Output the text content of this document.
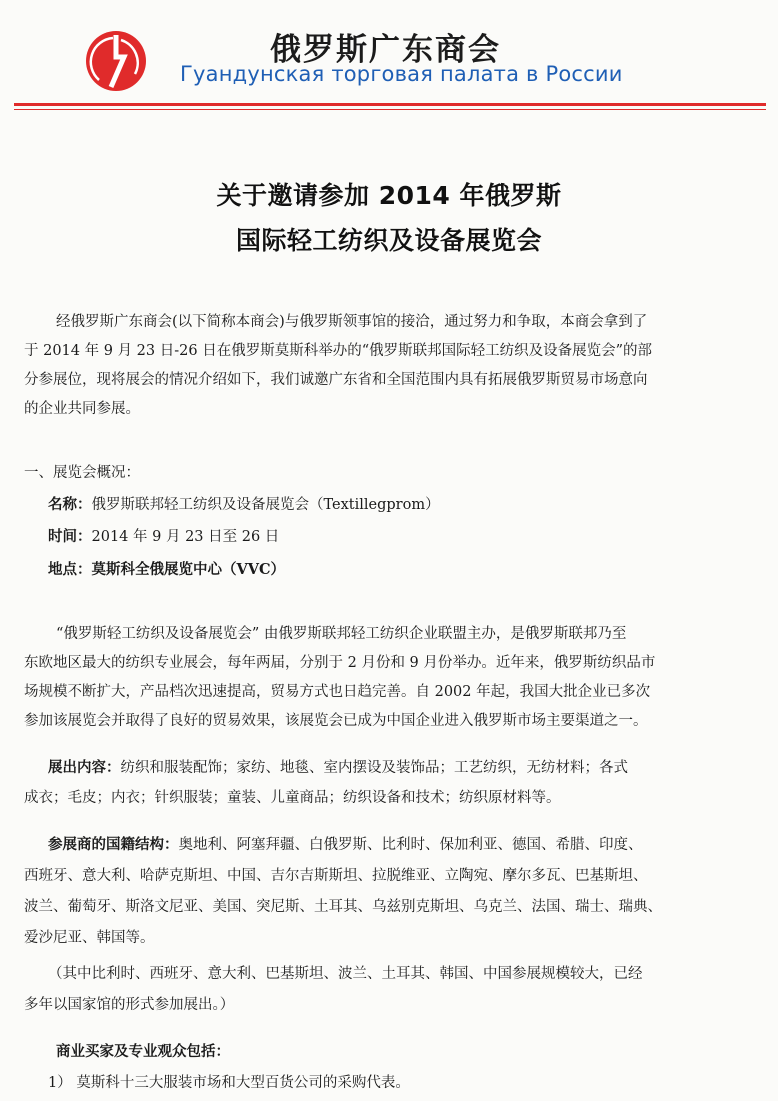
俄罗斯广东商会
Гуандунская торговая палата в России
关于邀请参加 2014 年俄罗斯
国际轻工纺织及设备展览会
经俄罗斯广东商会(以下简称本商会)与俄罗斯领事馆的接洽，通过努力和争取，本商会拿到了
于 2014 年 9 月 23 日-26 日在俄罗斯莫斯科举办的“俄罗斯联邦国际轻工纺织及设备展览会”的部
分参展位，现将展会的情况介绍如下，我们诚邀广东省和全国范围内具有拓展俄罗斯贸易市场意向
的企业共同参展。
一、展览会概况：
名称：俄罗斯联邦轻工纺织及设备展览会（Textillegprom）
时间：2014 年 9 月 23 日至 26 日
地点：莫斯科全俄展览中心（VVC）
“俄罗斯轻工纺织及设备展览会” 由俄罗斯联邦轻工纺织企业联盟主办，是俄罗斯联邦乃至
东欧地区最大的纺织专业展会，每年两届，分别于 2 月份和 9 月份举办。近年来，俄罗斯纺织品市
场规模不断扩大，产品档次迅速提高，贸易方式也日趋完善。自 2002 年起，我国大批企业已多次
参加该展览会并取得了良好的贸易效果，该展览会已成为中国企业进入俄罗斯市场主要渠道之一。
展出内容：纺织和服装配饰；家纺、地毯、室内摆设及装饰品；工艺纺织，无纺材料；各式
成衣；毛皮；内衣；针织服装；童装、儿童商品；纺织设备和技术；纺织原材料等。
参展商的国籍结构：奥地利、阿塞拜疆、白俄罗斯、比利时、保加利亚、德国、希腊、印度、
西班牙、意大利、哈萨克斯坦、中国、吉尔吉斯斯坦、拉脱维亚、立陶宛、摩尔多瓦、巴基斯坦、
波兰、葡萄牙、斯洛文尼亚、美国、突尼斯、土耳其、乌兹别克斯坦、乌克兰、法国、瑞士、瑞典、
爱沙尼亚、韩国等。
（其中比利时、西班牙、意大利、巴基斯坦、波兰、土耳其、韩国、中国参展规模较大，已经
多年以国家馆的形式参加展出。）
商业买家及专业观众包括：
1） 莫斯科十三大服装市场和大型百货公司的采购代表。
